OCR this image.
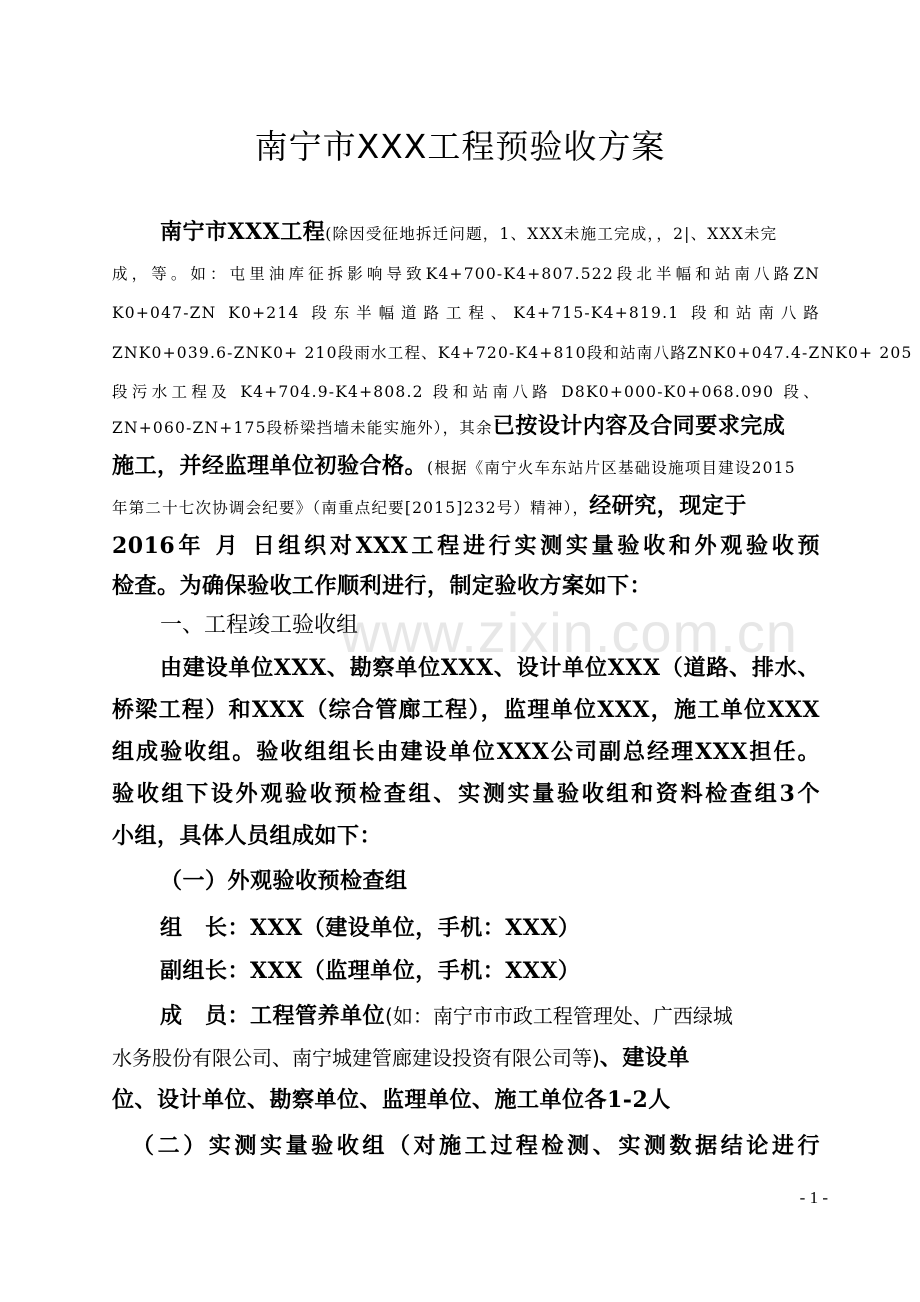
www.zixin.com.cn
南宁市XXX工程预验收方案
南宁市XXX工程(除因受征地拆迁问题，1、XXX未施工完成，，2|、XXX未完
成，等。如：屯里油库征拆影响导致K4+700-K4+807.522段北半幅和站南八路ZN
K0+047-ZN K0+214 段东半幅道路工程、K4+715-K4+819.1 段和站南八路
ZNK0+039.6-ZNK0+ 210段雨水工程、K4+720-K4+810段和站南八路ZNK0+047.4-ZNK0+ 205
段污水工程及 K4+704.9-K4+808.2 段和站南八路 D8K0+000-K0+068.090 段、
ZN+060-ZN+175段桥梁挡墙未能实施外），其余已按设计内容及合同要求完成
施工，并经监理单位初验合格。(根据《南宁火车东站片区基础设施项目建设2015
年第二十七次协调会纪要》（南重点纪要[2015]232号）精神），经研究，现定于
2016年 月 日组织对XXX工程进行实测实量验收和外观验收预
检查。为确保验收工作顺利进行，制定验收方案如下：
一、工程竣工验收组
由建设单位XXX、勘察单位XXX、设计单位XXX（道路、排水、
桥梁工程）和XXX（综合管廊工程），监理单位XXX，施工单位XXX
组成验收组。验收组组长由建设单位XXX公司副总经理XXX担任。
验收组下设外观验收预检查组、实测实量验收组和资料检查组3个
小组，具体人员组成如下：
（一）外观验收预检查组
组　长：XXX（建设单位，手机：XXX）
副组长：XXX（监理单位，手机：XXX）
成　员：工程管养单位(如：南宁市市政工程管理处、广西绿城
水务股份有限公司、南宁城建管廊建设投资有限公司等)、建设单
位、设计单位、勘察单位、监理单位、施工单位各1-2人
（二）实测实量验收组（对施工过程检测、实测数据结论进行
- 1 -
